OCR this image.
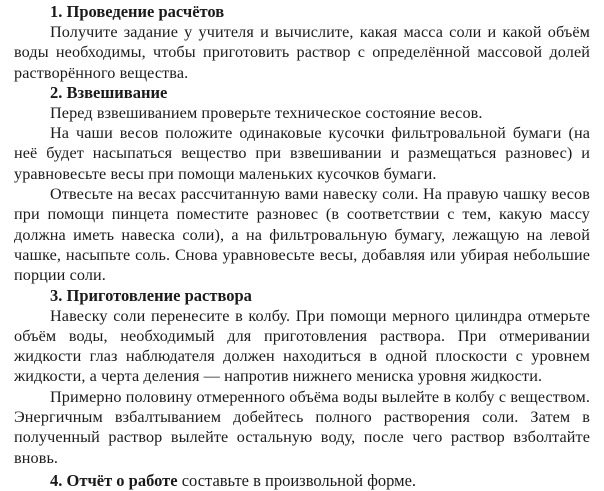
1. Проведение расчётов

Получите задание у учителя и вычислите, какая масса соли и какой объём воды необходимы, чтобы приготовить раствор с определённой массовой долей растворённого вещества.

2. Взвешивание

Перед взвешиванием проверьте техническое состояние весов.

На чаши весов положите одинаковые кусочки фильтровальной бумаги (на неё будет насыпаться вещество при взвешивании и размещаться разновес) и уравновесьте весы при помощи маленьких кусочков бумаги.

Отвесьте на весах рассчитанную вами навеску соли. На правую чашку весов при помощи пинцета поместите разновес (в соответствии с тем, какую массу должна иметь навеска соли), а на фильтровальную бумагу, лежащую на левой чашке, насыпьте соль. Снова уравновесьте весы, добавляя или убирая небольшие порции соли.

3. Приготовление раствора

Навеску соли перенесите в колбу. При помощи мерного цилиндра отмерьте объём воды, необходимый для приготовления раствора. При отмеривании жидкости глаз наблюдателя должен находиться в одной плоскости с уровнем жидкости, а черта деления — напротив нижнего мениска уровня жидкости.

Примерно половину отмеренного объёма воды вылейте в колбу с веществом. Энергичным взбалтыванием добейтесь полного растворения соли. Затем в полученный раствор вылейте остальную воду, после чего раствор взболтайте вновь.

4. Отчёт о работе составьте в произвольной форме.
